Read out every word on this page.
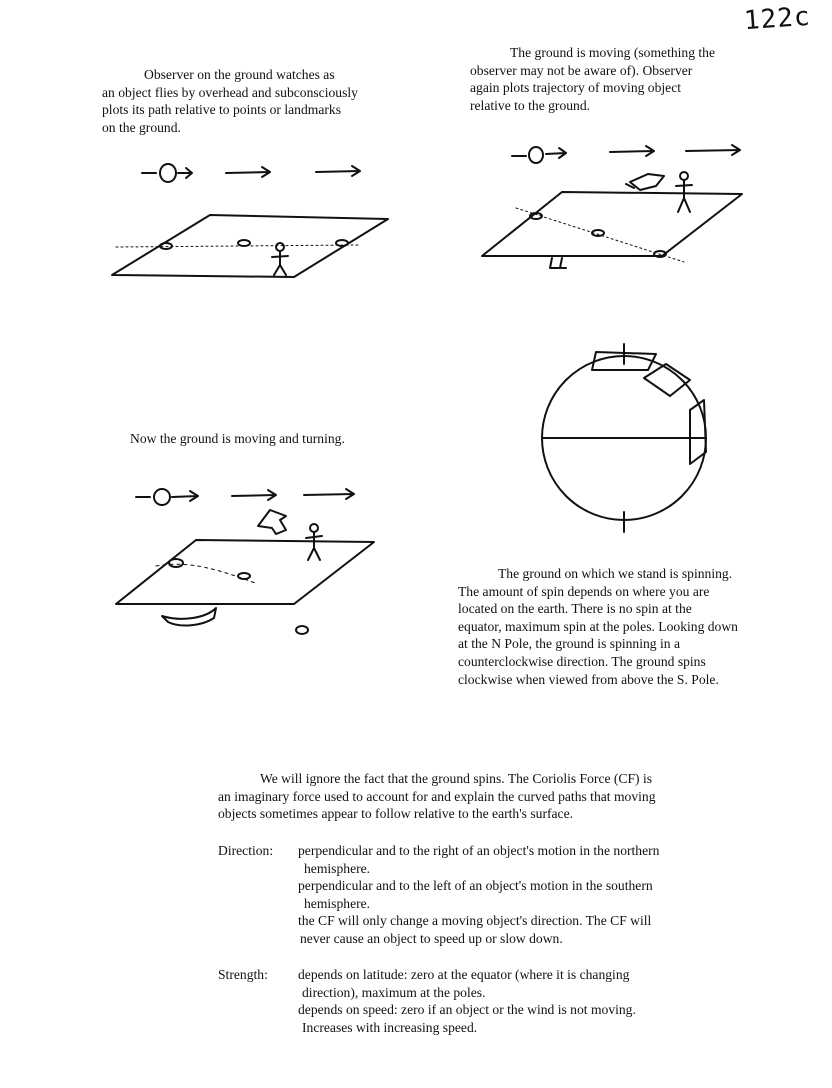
122c
Observer on the ground watches as
an object flies by overhead and subconsciously
plots its path relative to points or landmarks
on the ground.
The ground is moving (something the
observer may not be aware of). Observer
again plots trajectory of moving object
relative to the ground.
Now the ground is moving and turning.
The ground on which we stand is spinning.
The amount of spin depends on where you are
located on the earth. There is no spin at the
equator, maximum spin at the poles. Looking down
at the N Pole, the ground is spinning in a
counterclockwise direction. The ground spins
clockwise when viewed from above the S. Pole.
We will ignore the fact that the ground spins. The Coriolis Force (CF) is
an imaginary force used to account for and explain the curved paths that moving
objects sometimes appear to follow relative to the earth's surface.
Direction: perpendicular and to the right of an object's motion in the northern
hemisphere.
perpendicular and to the left of an object's motion in the southern
hemisphere.
the CF will only change a moving object's direction. The CF will
never cause an object to speed up or slow down.
Strength: depends on latitude: zero at the equator (where it is changing
direction), maximum at the poles.
depends on speed: zero if an object or the wind is not moving.
Increases with increasing speed.
